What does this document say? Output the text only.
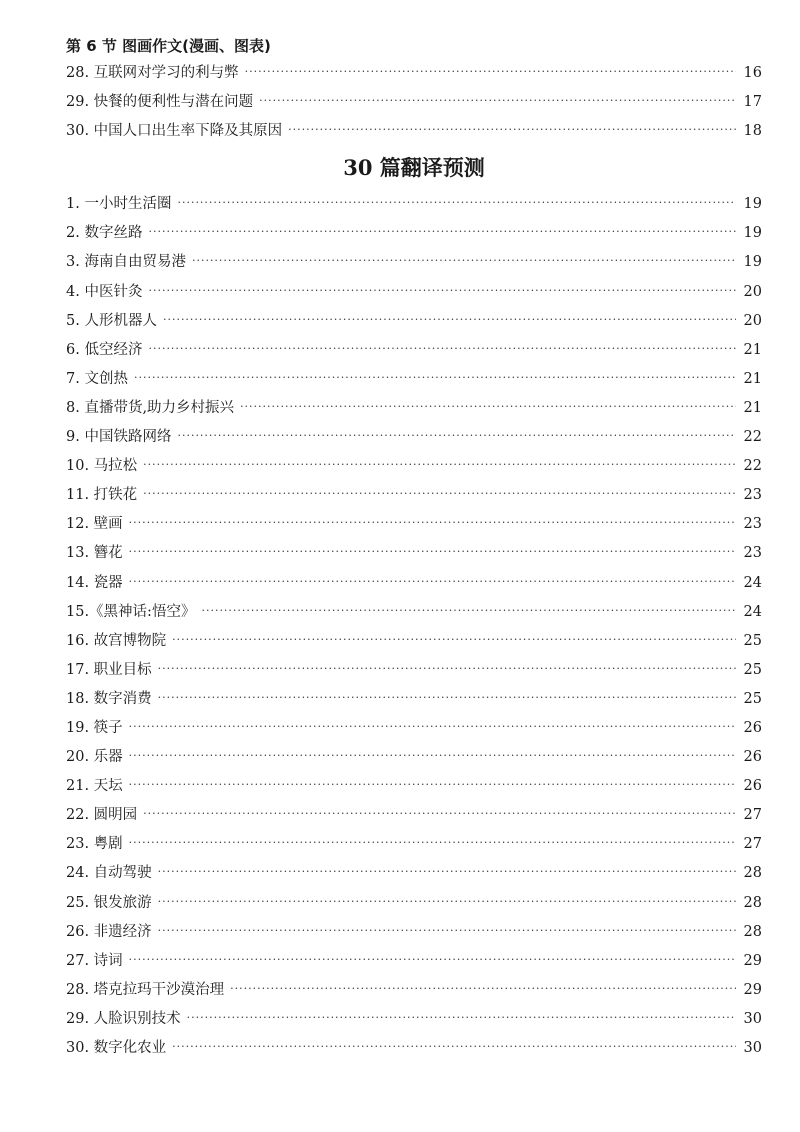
第 6 节 图画作文(漫画、图表)
28. 互联网对学习的利与弊 ·····	16
29. 快餐的便利性与潜在问题 ·····	17
30. 中国人口出生率下降及其原因 ·····	18
30 篇翻译预测
1. 一小时生活圈 ·····	19
2. 数字丝路 ·····	19
3. 海南自由贸易港 ·····	19
4. 中医针灸 ·····	20
5. 人形机器人 ·····	20
6. 低空经济 ·····	21
7. 文创热 ·····	21
8. 直播带货,助力乡村振兴 ·····	21
9. 中国铁路网络 ·····	22
10. 马拉松 ·····	22
11. 打铁花 ·····	23
12. 壁画 ·····	23
13. 簪花 ·····	23
14. 瓷器 ·····	24
15.《黑神话:悟空》 ·····	24
16. 故宫博物院 ·····	25
17. 职业目标 ·····	25
18. 数字消费 ·····	25
19. 筷子 ·····	26
20. 乐器 ·····	26
21. 天坛 ·····	26
22. 圆明园 ·····	27
23. 粤剧 ·····	27
24. 自动驾驶 ·····	28
25. 银发旅游 ·····	28
26. 非遗经济 ·····	28
27. 诗词 ·····	29
28. 塔克拉玛干沙漠治理 ·····	29
29. 人脸识别技术 ·····	30
30. 数字化农业 ·····	30
